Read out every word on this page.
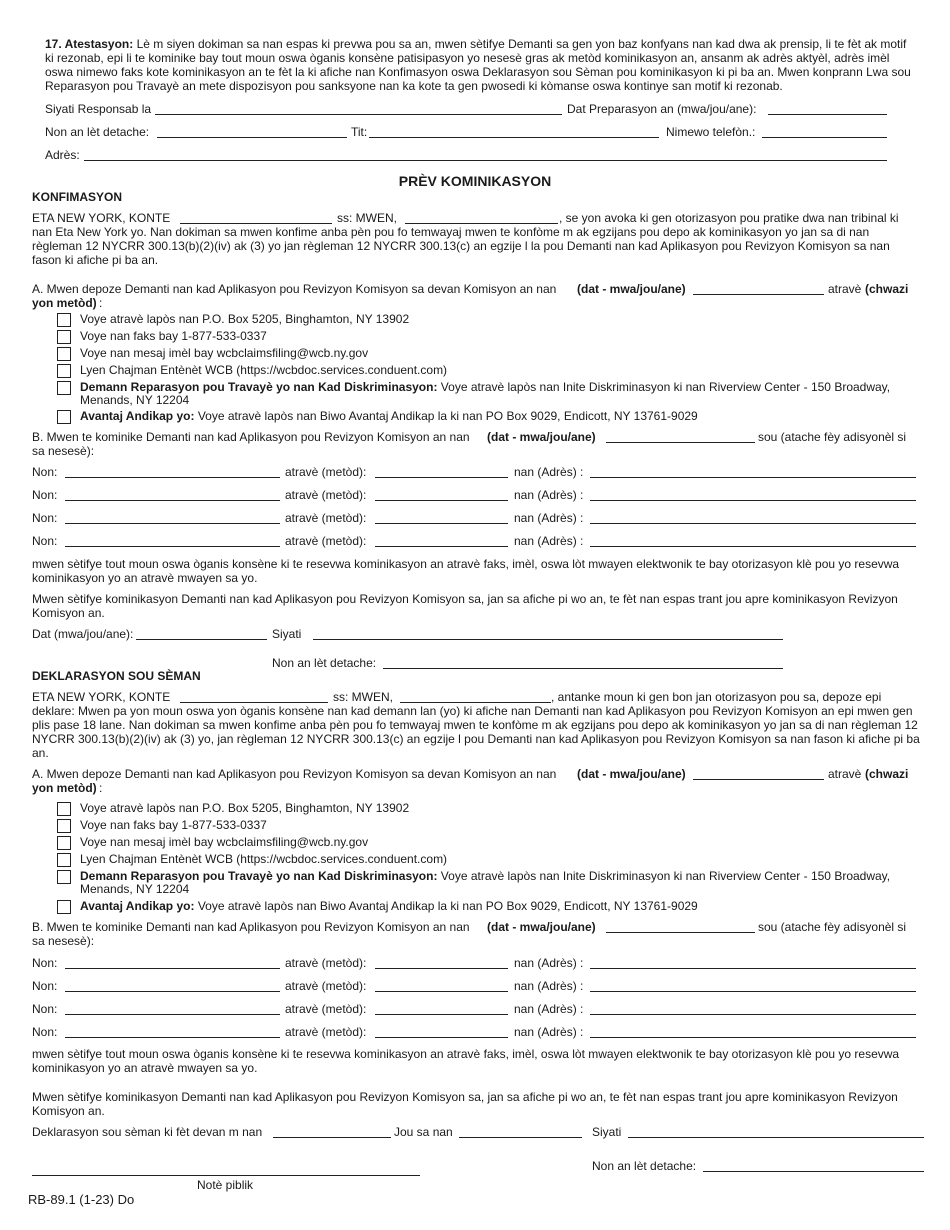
17. Atestasyon: Lè m siyen dokiman sa nan espas ki prevwa pou sa an, mwen sètifye Demanti sa gen yon baz konfyans nan kad dwa ak prensip, li te fèt ak motif ki rezonab, epi li te kominike bay tout moun oswa òganis konsène patisipasyon yo nesesè gras ak metòd kominikasyon an, ansanm ak adrès aktyèl, adrès imèl oswa nimewo faks kote kominikasyon an te fèt la ki afiche nan Konfimasyon oswa Deklarasyon sou Sèman pou kominikasyon ki pi ba an. Mwen konprann Lwa sou Reparasyon pou Travayè an mete dispozisyon pou sanksyone nan ka kote ta gen pwosedi ki kòmanse oswa kontinye san motif ki rezonab.
Siyati Responsab la	Dat Preparasyon an (mwa/jou/ane):
Non an lèt detache:	Tit:	Nimewo telefòn.:
Adrès:
PRÈV KOMINIKASYON
KONFIMASYON
ETA NEW YORK, KONTE	ss: MWEN,	, se yon avoka ki gen otorizasyon pou pratike dwa nan tribinal ki
nan Eta New York yo. Nan dokiman sa mwen konfime anba pèn pou fo temwayaj mwen te konfòme m ak egzijans pou depo ak kominikasyon yo jan sa di nan règleman 12 NYCRR 300.13(b)(2)(iv) ak (3) yo jan règleman 12 NYCRR 300.13(c) an egzije l la pou Demanti nan kad Aplikasyon pou Revizyon Komisyon sa nan fason ki afiche pi ba an.
A. Mwen depoze Demanti nan kad Aplikasyon pou Revizyon Komisyon sa devan Komisyon an nan (dat - mwa/jou/ane)	atravè (chwazi
yon metòd) :
Voye atravè lapòs nan P.O. Box 5205, Binghamton, NY 13902
Voye nan faks bay 1-877-533-0337
Voye nan mesaj imèl bay wcbclaimsfiling@wcb.ny.gov
Lyen Chajman Entènèt WCB (https://wcbdoc.services.conduent.com)
Demann Reparasyon pou Travayè yo nan Kad Diskriminasyon: Voye atravè lapòs nan Inite Diskriminasyon ki nan Riverview Center - 150 Broadway,
Menands, NY 12204
Avantaj Andikap yo: Voye atravè lapòs nan Biwo Avantaj Andikap la ki nan PO Box 9029, Endicott, NY 13761-9029
B. Mwen te kominike Demanti nan kad Aplikasyon pou Revizyon Komisyon an nan (dat - mwa/jou/ane)	sou (atache fèy adisyonèl si
sa nesesè):
Non:	atravè (metòd):	nan (Adrès) :
Non:	atravè (metòd):	nan (Adrès) :
Non:	atravè (metòd):	nan (Adrès) :
Non:	atravè (metòd):	nan (Adrès) :
mwen sètifye tout moun oswa òganis konsène ki te resevwa kominikasyon an atravè faks, imèl, oswa lòt mwayen elektwonik te bay otorizasyon klè pou yo resevwa kominikasyon yo an atravè mwayen sa yo.
Mwen sètifye kominikasyon Demanti nan kad Aplikasyon pou Revizyon Komisyon sa, jan sa afiche pi wo an, te fèt nan espas trant jou apre kominikasyon Revizyon Komisyon an.
Dat (mwa/jou/ane):	Siyati
Non an lèt detache:
DEKLARASYON SOU SÈMAN
ETA NEW YORK, KONTE	ss: MWEN,	, antanke moun ki gen bon jan otorizasyon pou sa, depoze epi
deklare: Mwen pa yon moun oswa yon òganis konsène nan kad demann lan (yo) ki afiche nan Demanti nan kad Aplikasyon pou Revizyon Komisyon an epi mwen gen plis pase 18 lane. Nan dokiman sa mwen konfime anba pèn pou fo temwayaj mwen te konfòme m ak egzijans pou depo ak kominikasyon yo jan sa di nan règleman 12 NYCRR 300.13(b)(2)(iv) ak (3) yo, jan règleman 12 NYCRR 300.13(c) an egzije l pou Demanti nan kad Aplikasyon pou Revizyon Komisyon sa nan fason ki afiche pi ba an.
A. Mwen depoze Demanti nan kad Aplikasyon pou Revizyon Komisyon sa devan Komisyon an nan (dat - mwa/jou/ane)	atravè (chwazi
yon metòd) :
Voye atravè lapòs nan P.O. Box 5205, Binghamton, NY 13902
Voye nan faks bay 1-877-533-0337
Voye nan mesaj imèl bay wcbclaimsfiling@wcb.ny.gov
Lyen Chajman Entènèt WCB (https://wcbdoc.services.conduent.com)
Demann Reparasyon pou Travayè yo nan Kad Diskriminasyon: Voye atravè lapòs nan Inite Diskriminasyon ki nan Riverview Center - 150 Broadway,
Menands, NY 12204
Avantaj Andikap yo: Voye atravè lapòs nan Biwo Avantaj Andikap la ki nan PO Box 9029, Endicott, NY 13761-9029
B. Mwen te kominike Demanti nan kad Aplikasyon pou Revizyon Komisyon an nan (dat - mwa/jou/ane)	sou (atache fèy adisyonèl si
sa nesesè):
Non:	atravè (metòd):	nan (Adrès) :
Non:	atravè (metòd):	nan (Adrès) :
Non:	atravè (metòd):	nan (Adrès) :
Non:	atravè (metòd):	nan (Adrès) :
mwen sètifye tout moun oswa òganis konsène ki te resevwa kominikasyon an atravè faks, imèl, oswa lòt mwayen elektwonik te bay otorizasyon klè pou yo resevwa kominikasyon yo an atravè mwayen sa yo.
Mwen sètifye kominikasyon Demanti nan kad Aplikasyon pou Revizyon Komisyon sa, jan sa afiche pi wo an, te fèt nan espas trant jou apre kominikasyon Revizyon Komisyon an.
Deklarasyon sou sèman ki fèt devan m nan	Jou sa nan	Siyati
Non an lèt detache:
Notè piblik
RB-89.1 (1-23) Do
